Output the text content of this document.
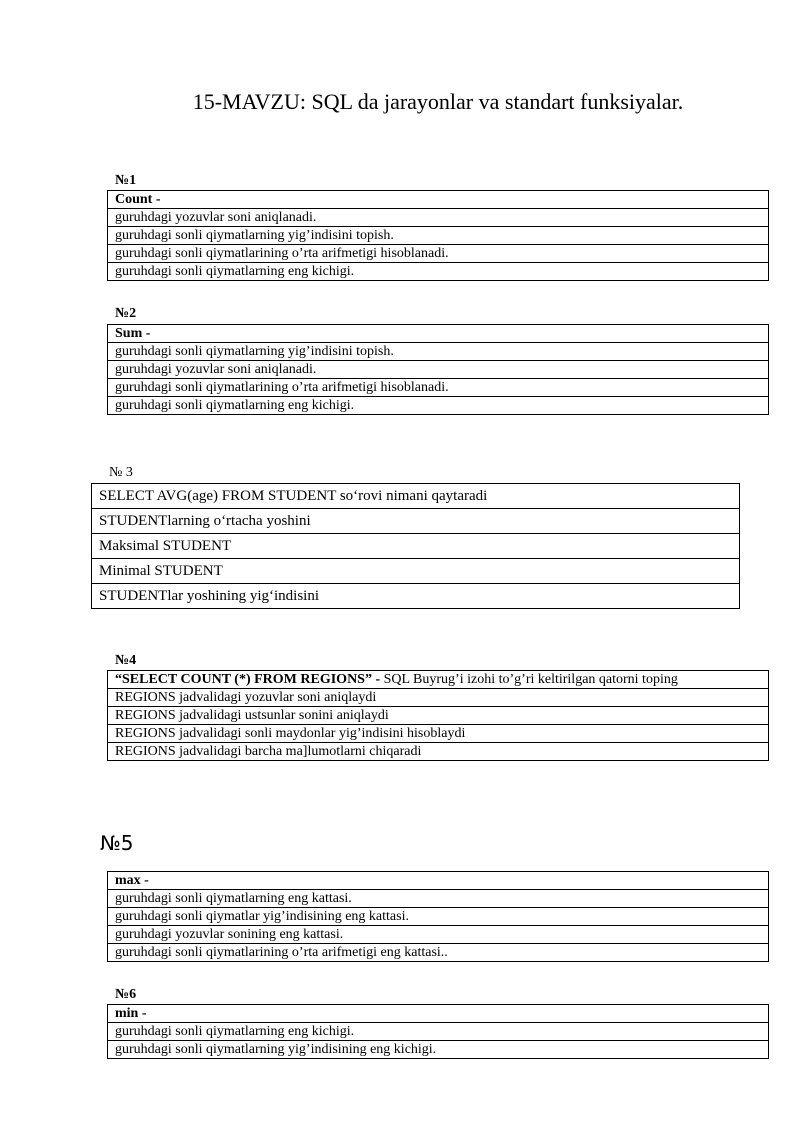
15-MAVZU: SQL da jarayonlar va standart funksiyalar.
№1
Count -
guruhdagi yozuvlar soni aniqlanadi.
guruhdagi sonli qiymatlarning yig’indisini topish.
guruhdagi sonli qiymatlarining o’rta arifmetigi hisoblanadi.
guruhdagi sonli qiymatlarning eng kichigi.
№2
Sum -
guruhdagi sonli qiymatlarning yig’indisini topish.
guruhdagi yozuvlar soni aniqlanadi.
guruhdagi sonli qiymatlarining o’rta arifmetigi hisoblanadi.
guruhdagi sonli qiymatlarning eng kichigi.
№ 3
SELECT AVG(age) FROM STUDENT so‘rovi nimani qaytaradi
STUDENTlarning o‘rtacha yoshini
Maksimal STUDENT
Minimal STUDENT
STUDENTlar yoshining yig‘indisini
№4
“SELECT COUNT (*) FROM REGIONS” - SQL Buyrug’i izohi to’g’ri keltirilgan qatorni toping
REGIONS jadvalidagi yozuvlar soni aniqlaydi
REGIONS jadvalidagi ustsunlar sonini aniqlaydi
REGIONS jadvalidagi sonli maydonlar yig’indisini hisoblaydi
REGIONS jadvalidagi barcha ma]lumotlarni chiqaradi
№5
max -
guruhdagi sonli qiymatlarning eng kattasi.
guruhdagi sonli qiymatlar yig’indisining eng kattasi.
guruhdagi yozuvlar sonining eng kattasi.
guruhdagi sonli qiymatlarining o’rta arifmetigi eng kattasi..
№6
min -
guruhdagi sonli qiymatlarning eng kichigi.
guruhdagi sonli qiymatlarning yig’indisining eng kichigi.
